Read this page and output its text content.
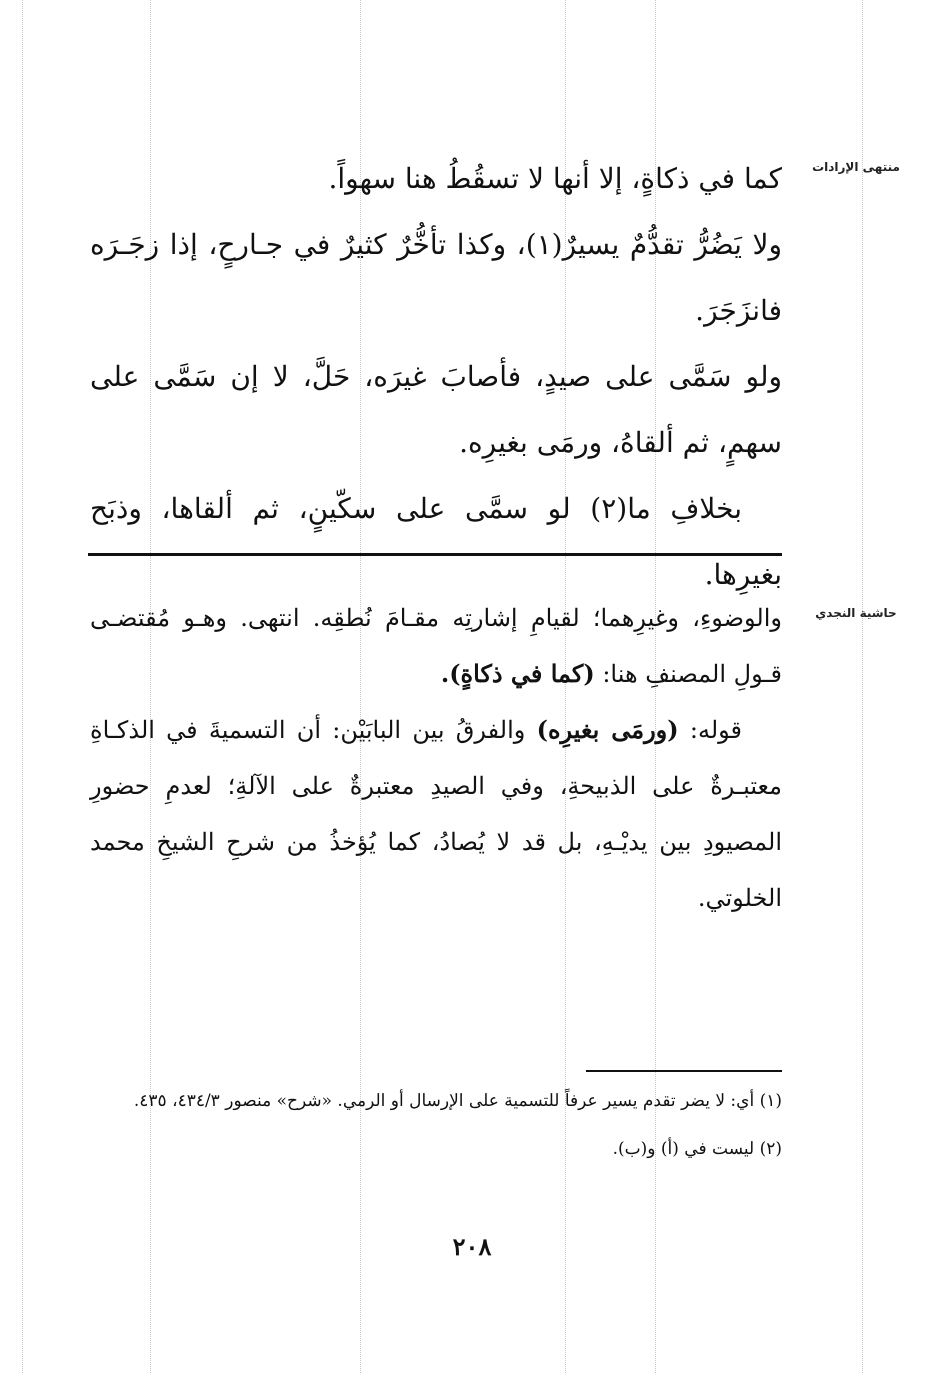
منتهى الإرادات
حاشية النجدي

كما في ذكاةٍ، إلا أنها لا تسقُطُ هنا سهواً.

ولا يَضُرُّ تقدُّمٌ يسيرٌ(١)، وكذا تأخُّرٌ كثيرٌ في جـارحٍ، إذا زجَـرَه فانزَجَرَ.

ولو سَمَّى على صيدٍ، فأصابَ غيرَه، حَلَّ، لا إن سَمَّى على سهمٍ، ثم ألقاهُ، ورمَى بغيرِه.

بخلافِ ما(٢) لو سمَّى على سكّينٍ، ثم ألقاها، وذبَح بغيرِها.

والوضوءِ، وغيرِهما؛ لقيامِ إشارتِه مقـامَ نُطقِه. انتهى. وهـو مُقتضـى قـولِ المصنفِ هنا: (كما في ذكاةٍ).

قوله: (ورمَى بغيرِه) والفرقُ بين البابَيْن: أن التسميةَ في الذكـاةِ معتبـرةٌ على الذبيحةِ، وفي الصيدِ معتبرةٌ على الآلةِ؛ لعدمِ حضورِ المصيودِ بين يديْـهِ، بل قد لا يُصادُ، كما يُؤخذُ من شرحِ الشيخِ محمد الخلوتي.

(١) أي: لا يضر تقدم يسير عرفاً للتسمية على الإرسال أو الرمي. «شرح» منصور ٤٣٤/٣، ٤٣٥.

(٢) ليست في (أ) و(ب).

٢٠٨
